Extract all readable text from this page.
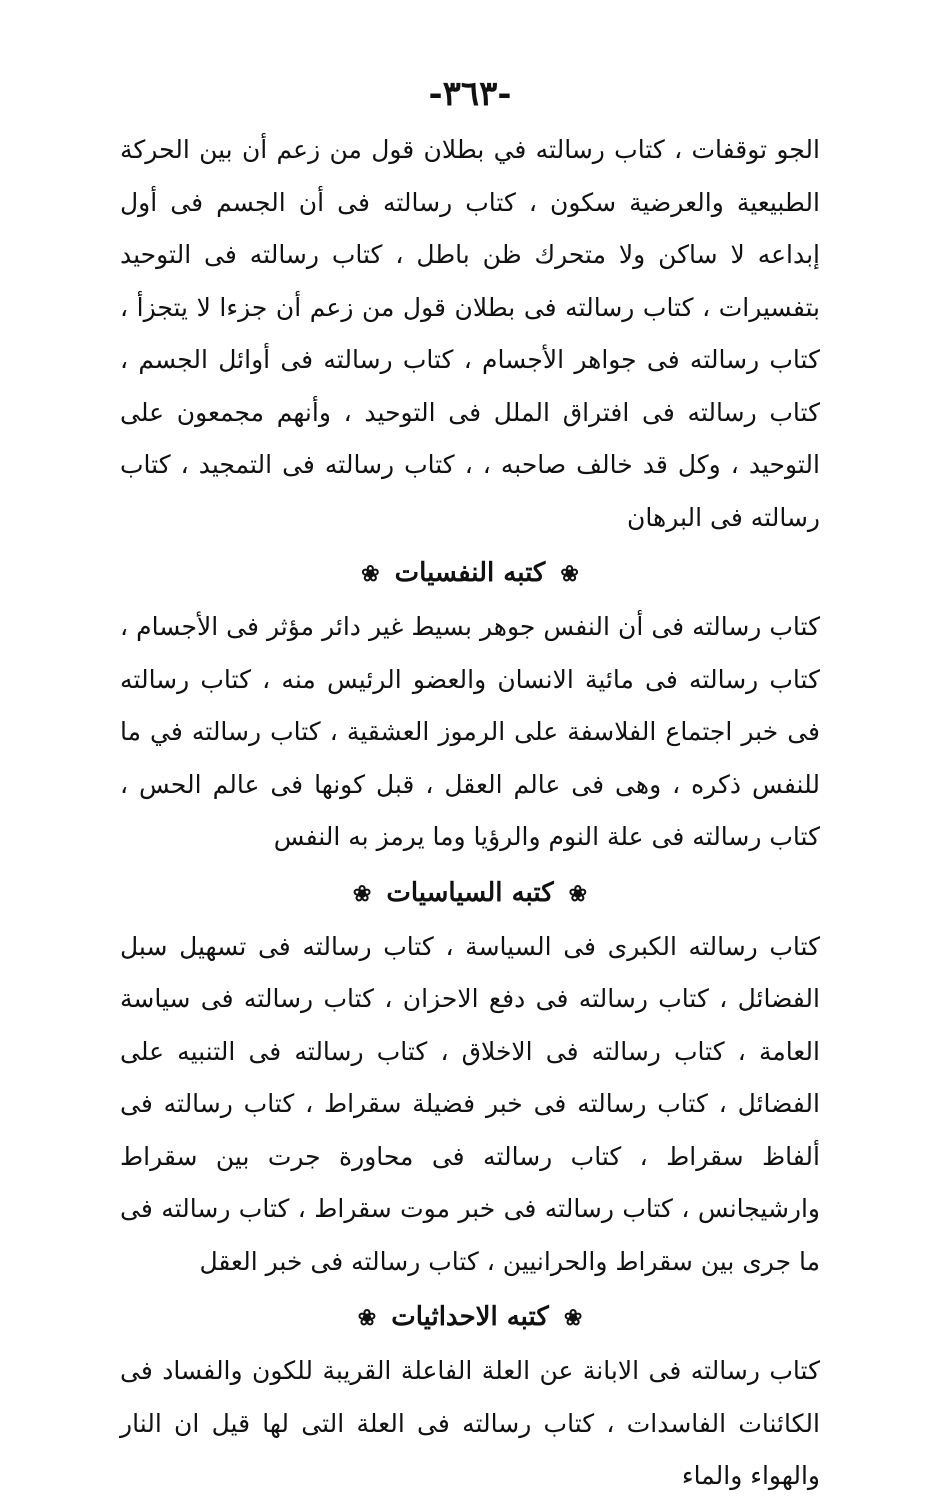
-٣٦٣-

الجو توقفات ، كتاب رسالته في بطلان قول من زعم أن بين الحركة الطبيعية والعرضية سكون ، كتاب رسالته فى أن الجسم فى أول إبداعه لا ساكن ولا متحرك ظن باطل ، كتاب رسالته فى التوحيد بتفسيرات ، كتاب رسالته فى بطلان قول من زعم أن جزءا لا يتجزأ ، كتاب رسالته فى جواهر الأجسام ، كتاب رسالته فى أوائل الجسم ، كتاب رسالته فى افتراق الملل فى التوحيد ، وأنهم مجمعون على التوحيد ، وكل قد خالف صاحبه ، ، كتاب رسالته فى التمجيد ، كتاب رسالته فى البرهان

❀ كتبه النفسيات ❀

كتاب رسالته فى أن النفس جوهر بسيط غير دائر مؤثر فى الأجسام ، كتاب رسالته فى مائية الانسان والعضو الرئيس منه ، كتاب رسالته فى خبر اجتماع الفلاسفة على الرموز العشقية ، كتاب رسالته في ما للنفس ذكره ، وهى فى عالم العقل ، قبل كونها فى عالم الحس ، كتاب رسالته فى علة النوم والرؤيا وما يرمز به النفس

❀ كتبه السياسيات ❀

كتاب رسالته الكبرى فى السياسة ، كتاب رسالته فى تسهيل سبل الفضائل ، كتاب رسالته فى دفع الاحزان ، كتاب رسالته فى سياسة العامة ، كتاب رسالته فى الاخلاق ، كتاب رسالته فى التنبيه على الفضائل ، كتاب رسالته فى خبر فضيلة سقراط ، كتاب رسالته فى ألفاظ سقراط ، كتاب رسالته فى محاورة جرت بين سقراط وارشيجانس ، كتاب رسالته فى خبر موت سقراط ، كتاب رسالته فى ما جرى بين سقراط والحرانيين ، كتاب رسالته فى خبر العقل

❀ كتبه الاحداثيات ❀

كتاب رسالته فى الابانة عن العلة الفاعلة القريبة للكون والفساد فى الكائنات الفاسدات ، كتاب رسالته فى العلة التى لها قيل ان النار والهواء والماء
